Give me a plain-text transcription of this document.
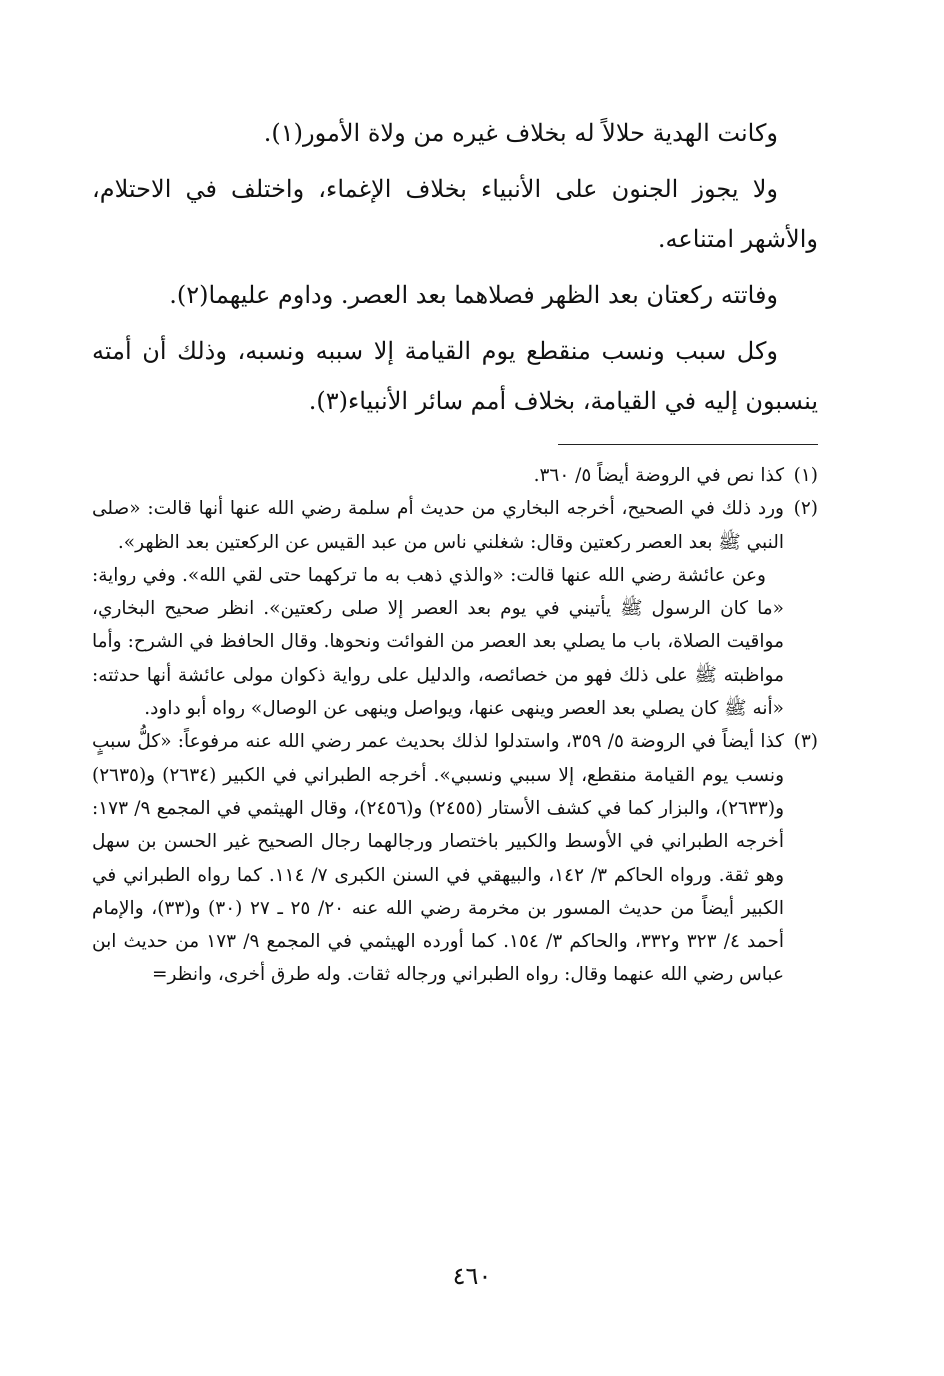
وكانت الهدية حلالاً له بخلاف غيره من ولاة الأمور(١).

ولا يجوز الجنون على الأنبياء بخلاف الإغماء، واختلف في الاحتلام، والأشهر امتناعه.

وفاتته ركعتان بعد الظهر فصلاهما بعد العصر. وداوم عليهما(٢).

وكل سبب ونسب منقطع يوم القيامة إلا سببه ونسبه، وذلك أن أمته ينسبون إليه في القيامة، بخلاف أمم سائر الأنبياء(٣).

(١)
كذا نص في الروضة أيضاً ٥/ ٣٦٠.
(٢)
ورد ذلك في الصحيح، أخرجه البخاري من حديث أم سلمة رضي الله عنها أنها قالت: «صلى النبي ﷺ بعد العصر ركعتين وقال: شغلني ناس من عبد القيس عن الركعتين بعد الظهر».
وعن عائشة رضي الله عنها قالت: «والذي ذهب به ما تركهما حتى لقي الله». وفي رواية: «ما كان الرسول ﷺ يأتيني في يوم بعد العصر إلا صلى ركعتين». انظر صحيح البخاري، مواقيت الصلاة، باب ما يصلي بعد العصر من الفوائت ونحوها. وقال الحافظ في الشرح: وأما مواظبته ﷺ على ذلك فهو من خصائصه، والدليل على رواية ذكوان مولى عائشة أنها حدثته: «أنه ﷺ كان يصلي بعد العصر وينهى عنها، ويواصل وينهى عن الوصال» رواه أبو داود.
(٣)
كذا أيضاً في الروضة ٥/ ٣٥٩، واستدلوا لذلك بحديث عمر رضي الله عنه مرفوعاً: «كلُّ سببٍ ونسب يوم القيامة منقطع، إلا سببي ونسبي». أخرجه الطبراني في الكبير (٢٦٣٤) و(٢٦٣٥) و(٢٦٣٣)، والبزار كما في كشف الأستار (٢٤٥٥) و(٢٤٥٦)، وقال الهيثمي في المجمع ٩/ ١٧٣: أخرجه الطبراني في الأوسط والكبير باختصار ورجالهما رجال الصحيح غير الحسن بن سهل وهو ثقة. ورواه الحاكم ٣/ ١٤٢، والبيهقي في السنن الكبرى ٧/ ١١٤. كما رواه الطبراني في الكبير أيضاً من حديث المسور بن مخرمة رضي الله عنه ٢٠/ ٢٥ ـ ٢٧ (٣٠) و(٣٣)، والإمام أحمد ٤/ ٣٢٣ و٣٣٢، والحاكم ٣/ ١٥٤. كما أورده الهيثمي في المجمع ٩/ ١٧٣ من حديث ابن عباس رضي الله عنهما وقال: رواه الطبراني ورجاله ثقات. وله طرق أخرى، وانظر=
٤٦٠
